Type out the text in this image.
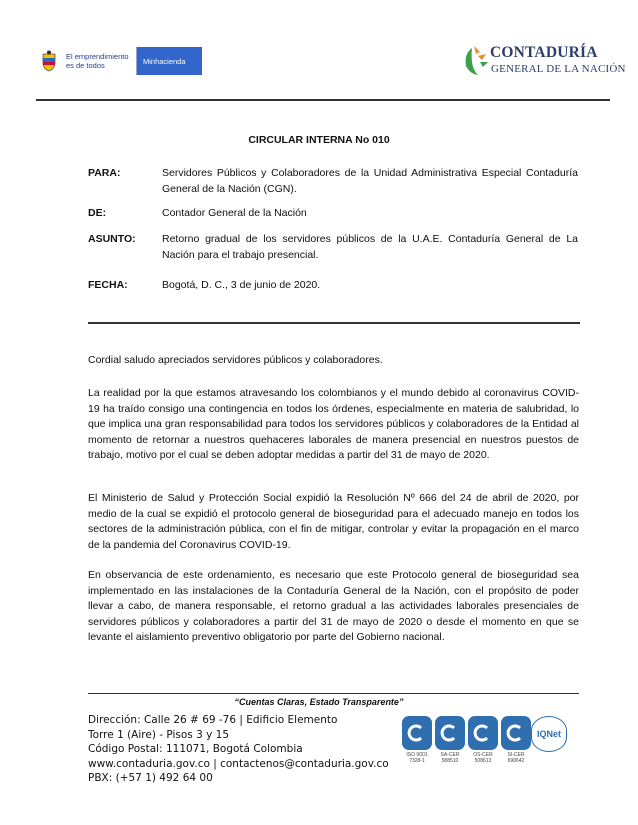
El emprendimiento
es de todos	Minhacienda	CONTADURÍA
GENERAL DE LA NACIÓN
CIRCULAR INTERNA No 010
PARA:	Servidores Públicos y Colaboradores de la Unidad Administrativa Especial Contaduría General de la Nación (CGN).
DE:	Contador General de la Nación
ASUNTO:	Retorno gradual de los servidores públicos de la U.A.E. Contaduría General de La Nación para el trabajo presencial.
FECHA:	Bogotá, D. C., 3 de junio de 2020.

Cordial saludo apreciados servidores públicos y colaboradores.

La realidad por la que estamos atravesando los colombianos y el mundo debido al coronavirus COVID-19 ha traído consigo una contingencia en todos los órdenes, especialmente en materia de salubridad, lo que implica una gran responsabilidad para todos los servidores públicos y colaboradores de la Entidad al momento de retornar a nuestros quehaceres laborales de manera presencial en nuestros puestos de trabajo, motivo por el cual se deben adoptar medidas a partir del 31 de mayo de 2020.

El Ministerio de Salud y Protección Social expidió la Resolución Nº 666 del 24 de abril de 2020, por medio de la cual se expidió el protocolo general de bioseguridad para el adecuado manejo en todos los sectores de la administración pública, con el fin de mitigar, controlar y evitar la propagación en el marco de la pandemia del Coronavirus COVID-19.

En observancia de este ordenamiento, es necesario que este Protocolo general de bioseguridad sea implementado en las instalaciones de la Contaduría General de la Nación, con el propósito de poder llevar a cabo, de manera responsable, el retorno gradual a las actividades laborales presenciales de servidores públicos y colaboradores a partir del 31 de mayo de 2020 o desde el momento en que se levante el aislamiento preventivo obligatorio por parte del Gobierno nacional.

“Cuentas Claras, Estado Transparente”
Dirección: Calle 26 # 69 -76 | Edificio Elemento
Torre 1 (Aire) - Pisos 3 y 15
Código Postal: 111071, Bogotá Colombia
www.contaduria.gov.co | contactenos@contaduria.gov.co
PBX: (+57 1) 492 64 00
ISO 9001
7328-1
SA-CER
588510
OS-CER
508613
SI-CER
690642
IQNet
